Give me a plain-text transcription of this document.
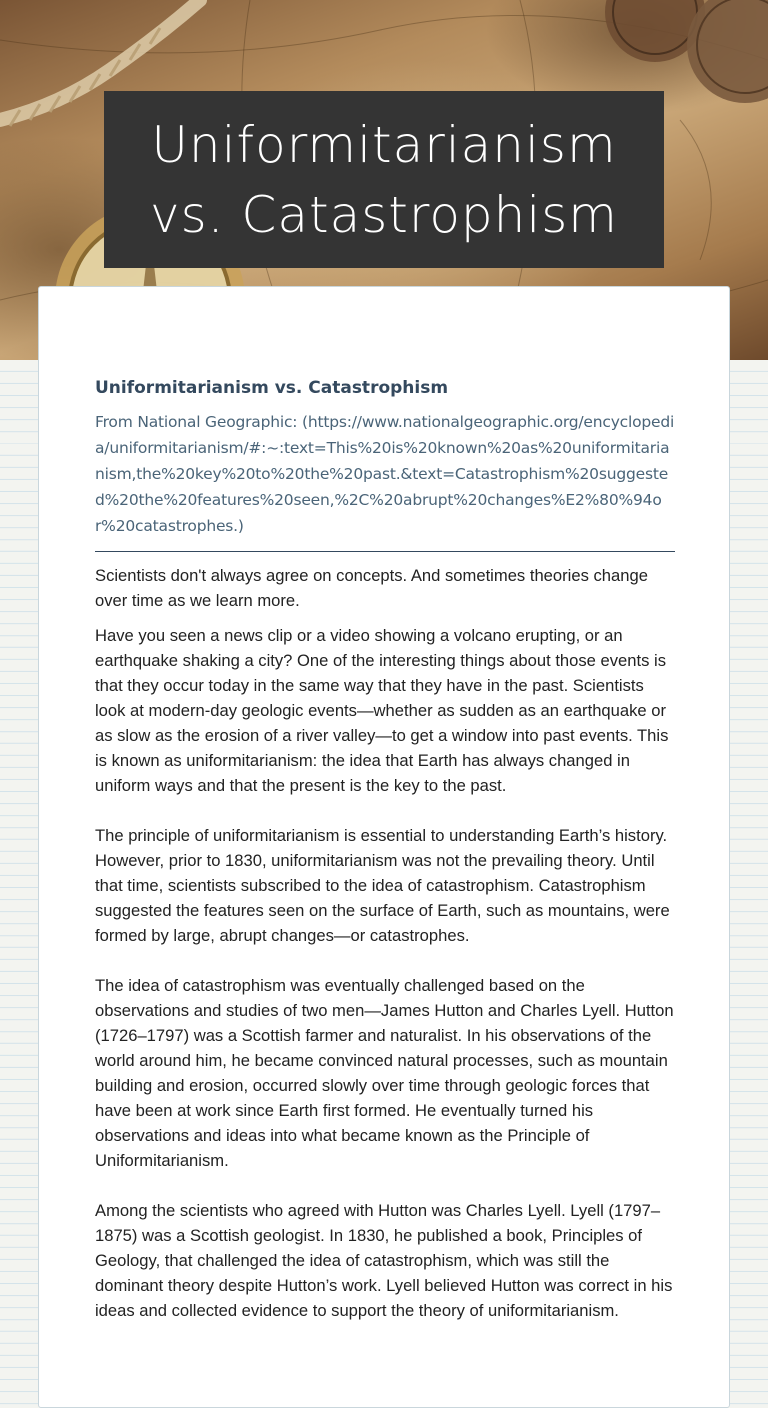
Uniformitarianism vs. Catastrophism
Uniformitarianism vs. Catastrophism
From National Geographic: (https://www.nationalgeographic.org/encyclopedia/uniformitarianism/#:~:text=This%20is%20known%20as%20uniformitarianism,the%20key%20to%20the%20past.&text=Catastrophism%20suggested%20the%20features%20seen,%2C%20abrupt%20changes%E2%80%94or%20catastrophes.)
Scientists don't always agree on concepts. And sometimes theories change over time as we learn more.
Have you seen a news clip or a video showing a volcano erupting, or an earthquake shaking a city? One of the interesting things about those events is that they occur today in the same way that they have in the past. Scientists look at modern-day geologic events—whether as sudden as an earthquake or as slow as the erosion of a river valley—to get a window into past events. This is known as uniformitarianism: the idea that Earth has always changed in uniform ways and that the present is the key to the past.
The principle of uniformitarianism is essential to understanding Earth’s history. However, prior to 1830, uniformitarianism was not the prevailing theory. Until that time, scientists subscribed to the idea of catastrophism. Catastrophism suggested the features seen on the surface of Earth, such as mountains, were formed by large, abrupt changes—or catastrophes.
The idea of catastrophism was eventually challenged based on the observations and studies of two men—James Hutton and Charles Lyell. Hutton (1726–1797) was a Scottish farmer and naturalist. In his observations of the world around him, he became convinced natural processes, such as mountain building and erosion, occurred slowly over time through geologic forces that have been at work since Earth first formed. He eventually turned his observations and ideas into what became known as the Principle of Uniformitarianism.
Among the scientists who agreed with Hutton was Charles Lyell. Lyell (1797–1875) was a Scottish geologist. In 1830, he published a book, Principles of Geology, that challenged the idea of catastrophism, which was still the dominant theory despite Hutton’s work. Lyell believed Hutton was correct in his ideas and collected evidence to support the theory of uniformitarianism.
